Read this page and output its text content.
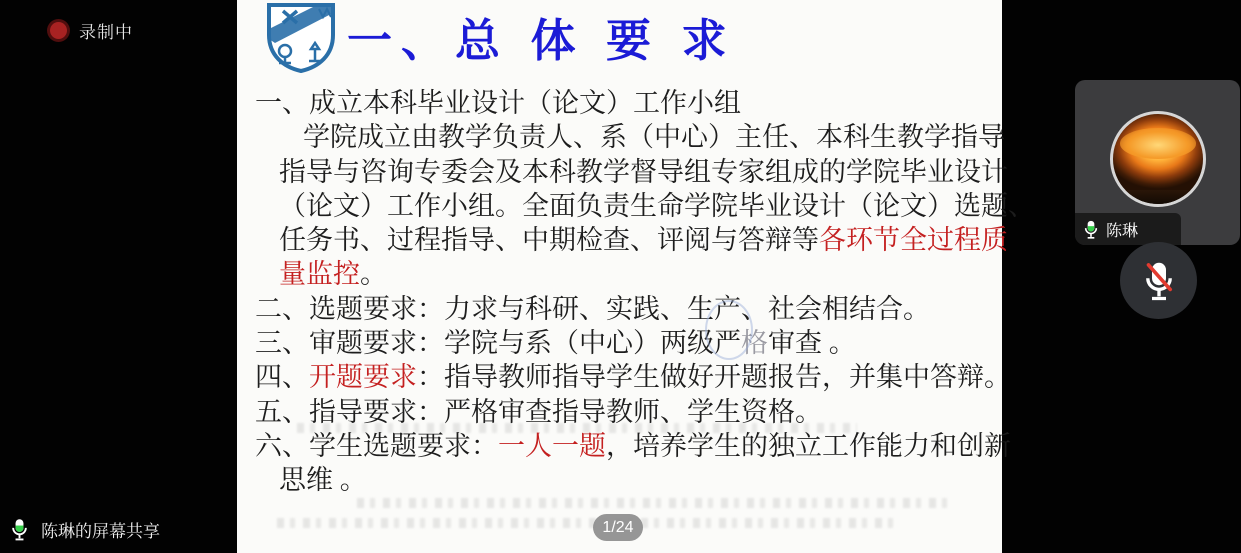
录制中	一、总 体 要 求
一、成立本科毕业设计（论文）工作小组
学院成立由教学负责人、系（中心）主任、本科生教学指导
指导与咨询专委会及本科教学督导组专家组成的学院毕业设计
（论文）工作小组。全面负责生命学院毕业设计（论文）选题、
任务书、过程指导、中期检查、评阅与答辩等各环节全过程质
量监控。
二、选题要求：力求与科研、实践、生产、社会相结合。
三、审题要求：学院与系（中心）两级严格审查 。
四、开题要求：指导教师指导学生做好开题报告，并集中答辩。
五、指导要求：严格审查指导教师、学生资格。
六、学生选题要求：一人一题，培养学生的独立工作能力和创新
思维 。
1/24
陈琳
陈琳的屏幕共享
